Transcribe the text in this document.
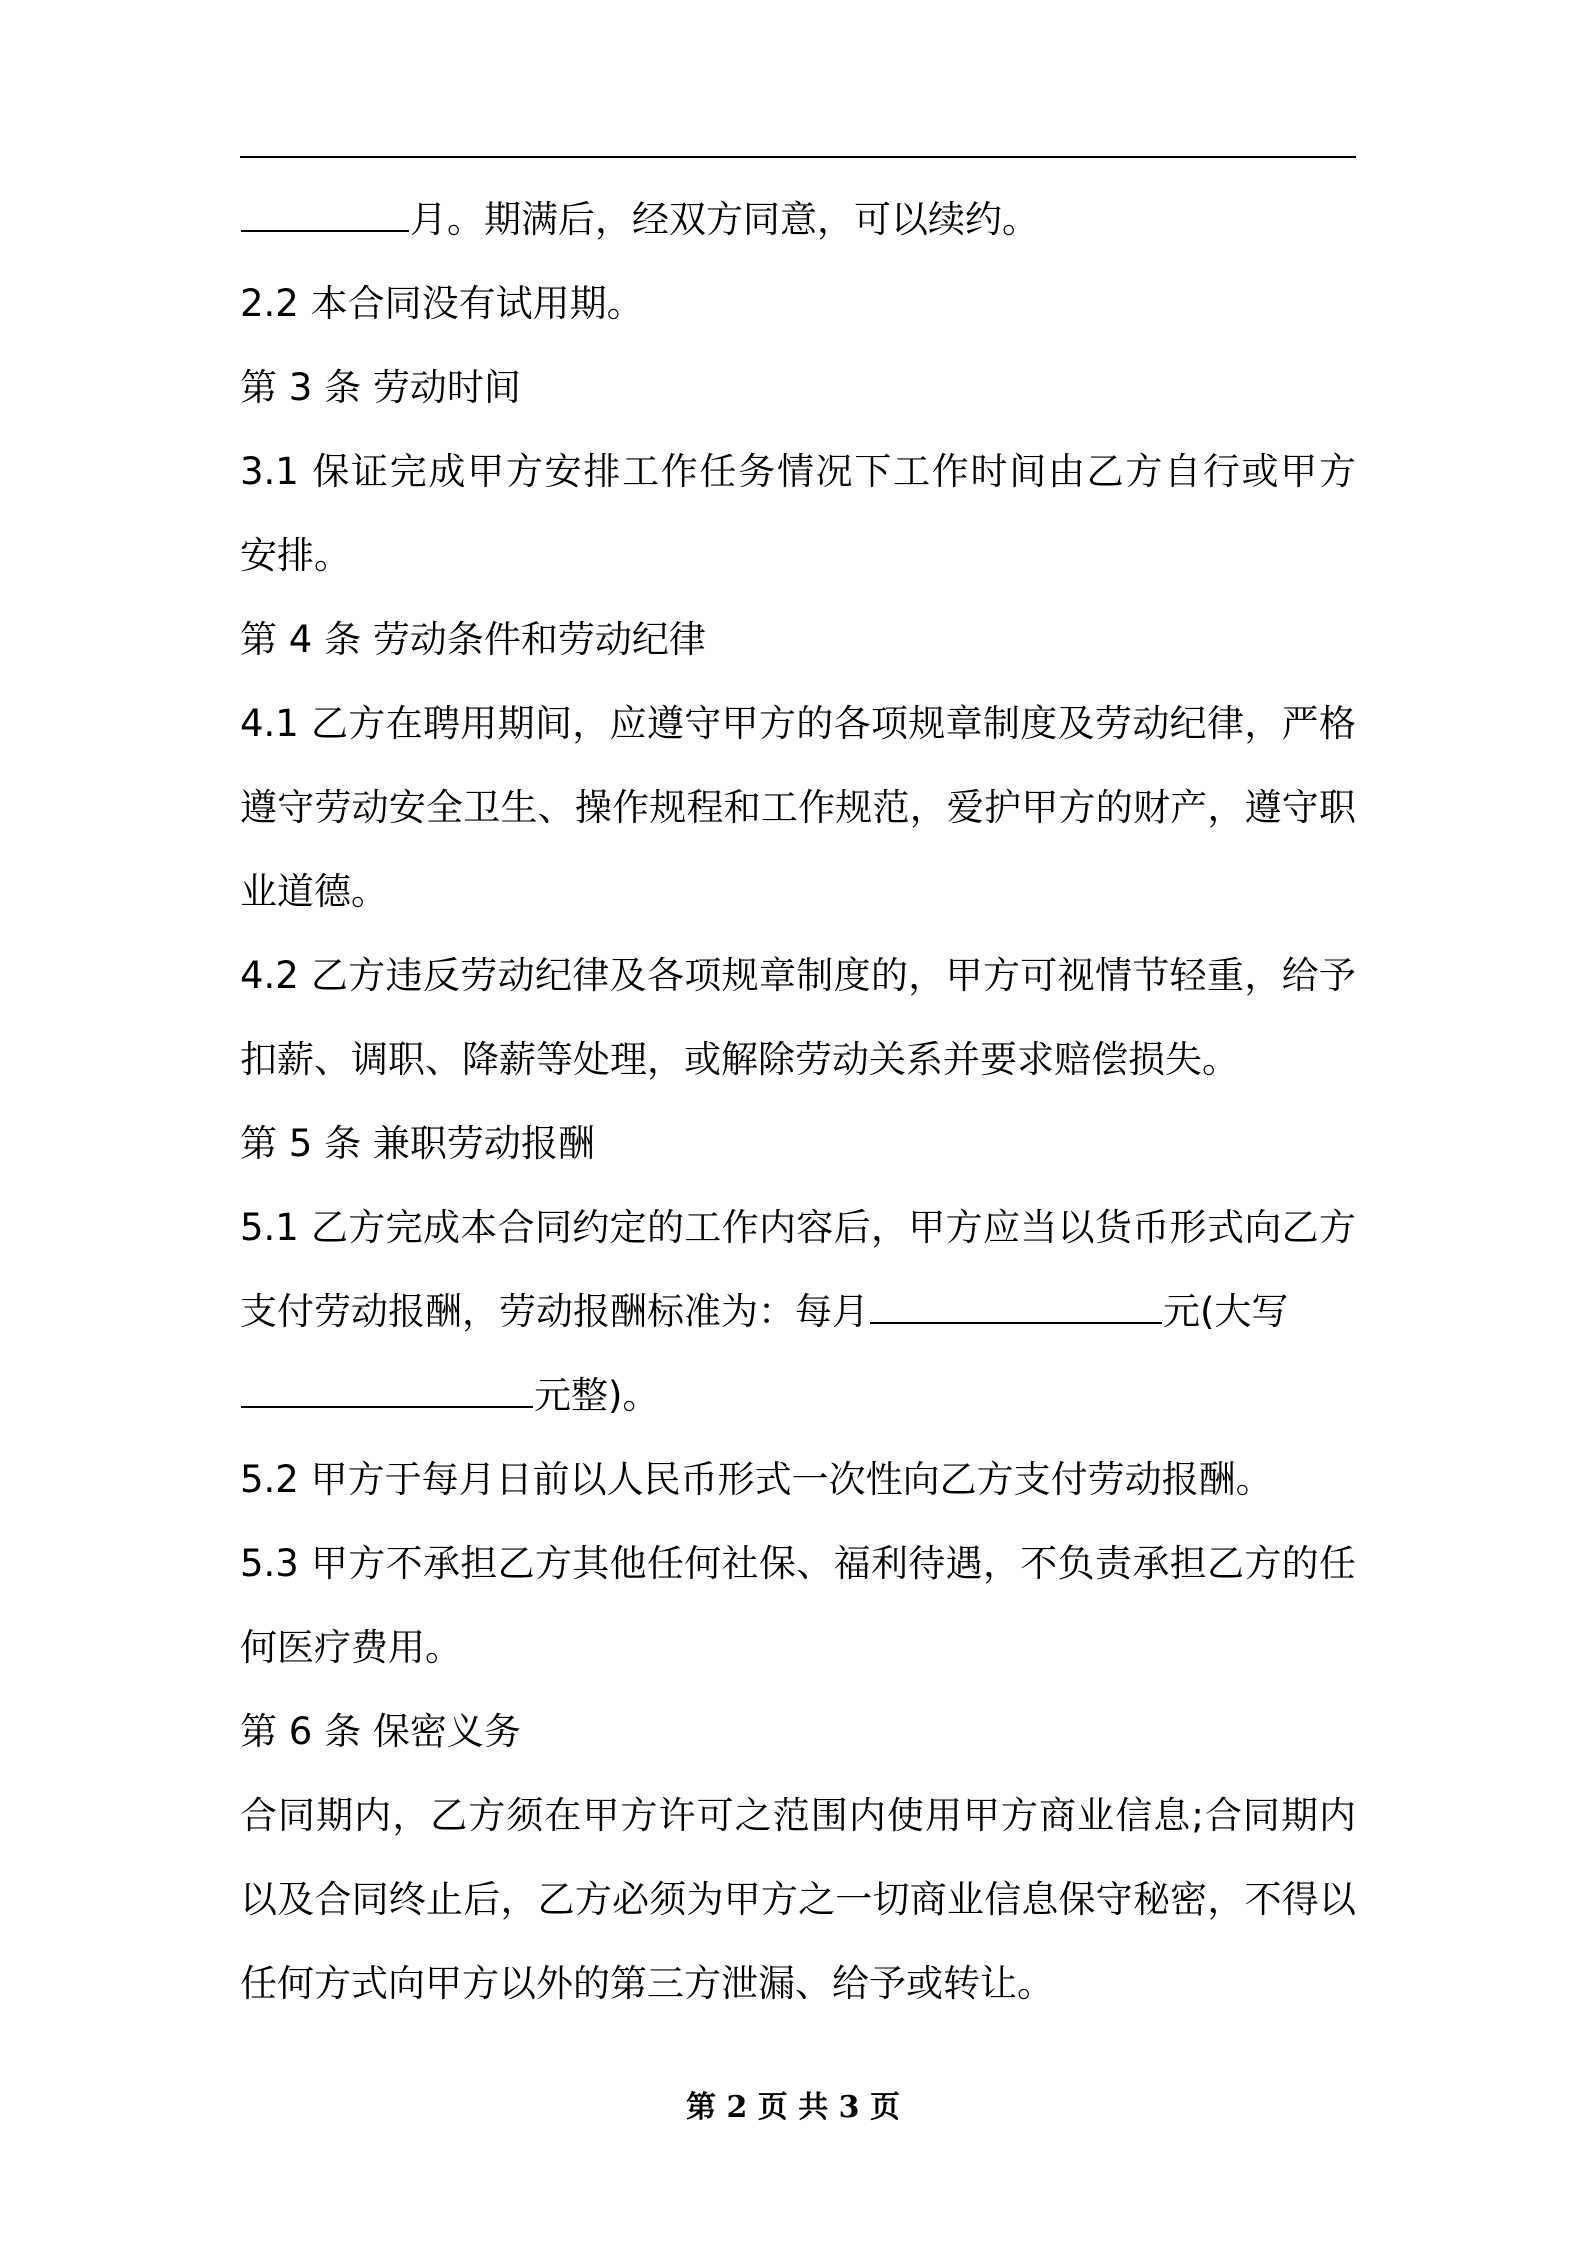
月。期满后，经双方同意，可以续约。
2.2 本合同没有试用期。
第 3 条 劳动时间
3.1 保证完成甲方安排工作任务情况下工作时间由乙方自行或甲方
安排。
第 4 条 劳动条件和劳动纪律
4.1 乙方在聘用期间，应遵守甲方的各项规章制度及劳动纪律，严格
遵守劳动安全卫生、操作规程和工作规范，爱护甲方的财产，遵守职
业道德。
4.2 乙方违反劳动纪律及各项规章制度的，甲方可视情节轻重，给予
扣薪、调职、降薪等处理，或解除劳动关系并要求赔偿损失。
第 5 条 兼职劳动报酬
5.1 乙方完成本合同约定的工作内容后，甲方应当以货币形式向乙方
支付劳动报酬，劳动报酬标准为：每月	元(大写
元整)。
5.2 甲方于每月日前以人民币形式一次性向乙方支付劳动报酬。
5.3 甲方不承担乙方其他任何社保、福利待遇，不负责承担乙方的任
何医疗费用。
第 6 条 保密义务
合同期内，乙方须在甲方许可之范围内使用甲方商业信息;合同期内
以及合同终止后，乙方必须为甲方之一切商业信息保守秘密，不得以
任何方式向甲方以外的第三方泄漏、给予或转让。
第 2 页 共 3 页
